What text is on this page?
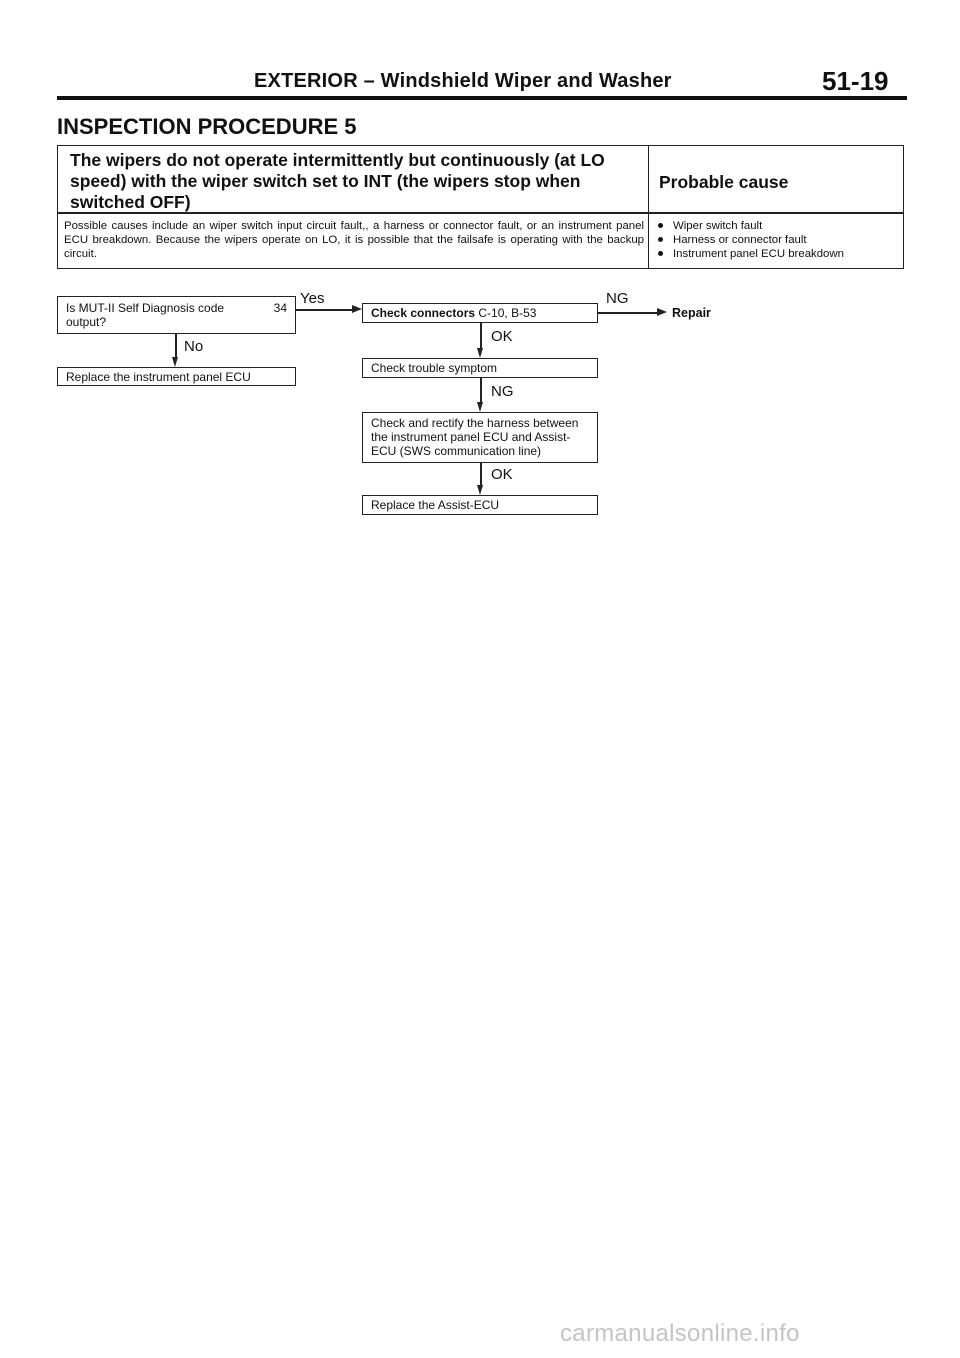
EXTERIOR – Windshield Wiper and Washer	51-19
INSPECTION PROCEDURE 5
The wipers do not operate intermittently but continuously (at LO speed) with the wiper switch set to INT (the wipers stop when switched OFF)
Probable cause
Possible causes include an wiper switch input circuit fault,, a harness or connector fault, or an instrument panel ECU breakdown. Because the wipers operate on LO, it is possible that the failsafe is operating with the backup circuit.
Wiper switch fault
Harness or connector fault
Instrument panel ECU breakdown
Is MUT-II Self Diagnosis code	34
output?
Yes
No
Replace the instrument panel ECU
Check connectors C-10, B-53
NG
Repair
OK
Check trouble symptom
NG
Check and rectify the harness between the instrument panel ECU and Assist-ECU (SWS communication line)
OK
Replace the Assist-ECU
carmanualsonline.info
